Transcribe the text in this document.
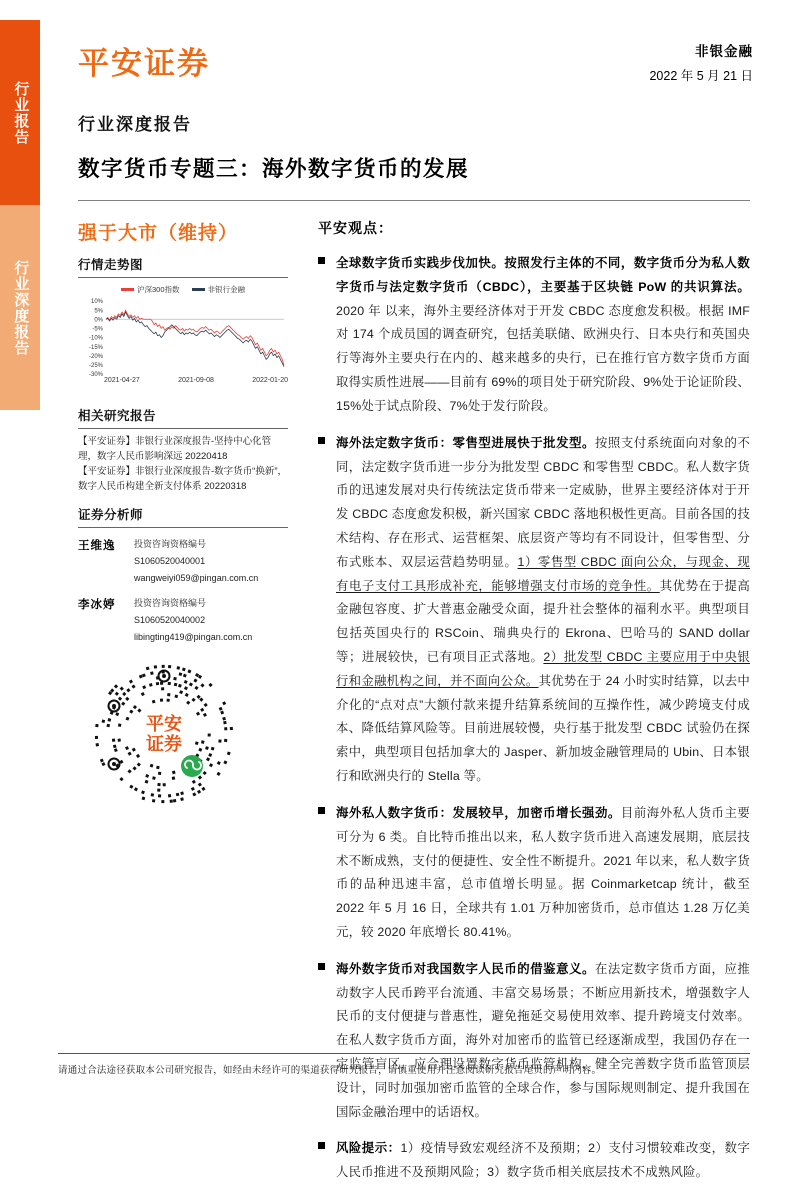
行业报告
行业深度报告
平安证券	非银金融
2022 年 5 月 21 日
行业深度报告
数字货币专题三：海外数字货币的发展
强于大市（维持）
行情走势图
沪深300指数	非银行金融
10%
5%
0%
-5%
-10%
-15%
-20%
-25%
-30%
2021-04-27	2021-09-08	2022-01-20
相关研究报告

【平安证券】非银行业深度报告-坚持中心化管理，数字人民币影响深远 20220418

【平安证券】非银行业深度报告-数字货币“换新”，数字人民币构建全新支付体系 20220318

证券分析师
王维逸	投资咨询资格编号
S1060520040001
wangweiyi059@pingan.com.cn
李冰婷	投资咨询资格编号
S1060520040002
libingting419@pingan.com.cn
平安
证券
平安观点：
全球数字货币实践步伐加快。按照发行主体的不同，数字货币分为私人数字货币与法定数字货币（CBDC），主要基于区块链 PoW 的共识算法。2020 年 以来，海外主要经济体对于开发 CBDC 态度愈发积极。根据 IMF 对 174 个成员国的调查研究，包括美联储、欧洲央行、日本央行和英国央行等海外主要央行在内的、越来越多的央行，已在推行官方数字货币方面取得实质性进展——目前有 69%的项目处于研究阶段、9%处于论证阶段、15%处于试点阶段、7%处于发行阶段。
海外法定数字货币：零售型进展快于批发型。按照支付系统面向对象的不同，法定数字货币进一步分为批发型 CBDC 和零售型 CBDC。私人数字货币的迅速发展对央行传统法定货币带来一定威胁，世界主要经济体对于开发 CBDC 态度愈发积极，新兴国家 CBDC 落地积极性更高。目前各国的技术结构、存在形式、运营框架、底层资产等均有不同设计，但零售型、分布式账本、双层运营趋势明显。1）零售型 CBDC 面向公众，与现金、现有电子支付工具形成补充，能够增强支付市场的竞争性。其优势在于提高金融包容度、扩大普惠金融受众面，提升社会整体的福利水平。典型项目包括英国央行的 RSCoin、瑞典央行的 Ekrona、巴哈马的 SAND dollar 等；进展较快，已有项目正式落地。2）批发型 CBDC 主要应用于中央银行和金融机构之间，并不面向公众。其优势在于 24 小时实时结算，以去中介化的“点对点”大额付款来提升结算系统间的互操作性，减少跨境支付成本、降低结算风险等。目前进展较慢，央行基于批发型 CBDC 试验仍在探索中，典型项目包括加拿大的 Jasper、新加坡金融管理局的 Ubin、日本银行和欧洲央行的 Stella 等。
海外私人数字货币：发展较早，加密币增长强劲。目前海外私人货币主要可分为 6 类。自比特币推出以来，私人数字货币进入高速发展期，底层技术不断成熟，支付的便捷性、安全性不断提升。2021 年以来，私人数字货币的品种迅速丰富，总市值增长明显。据 Coinmarketcap 统计，截至 2022 年 5 月 16 日，全球共有 1.01 万种加密货币，总市值达 1.28 万亿美元，较 2020 年底增长 80.41%。
海外数字货币对我国数字人民币的借鉴意义。在法定数字货币方面，应推动数字人民币跨平台流通、丰富交易场景；不断应用新技术，增强数字人民币的支付便捷与普惠性，避免拖延交易使用效率、提升跨境支付效率。在私人数字货币方面，海外对加密币的监管已经逐渐成型，我国仍存在一定监管盲区，应合理设置数字货币监管机构，健全完善数字货币监管顶层设计，同时加强加密币监管的全球合作，参与国际规则制定、提升我国在国际金融治理中的话语权。
风险提示：1）疫情导致宏观经济不及预期；2）支付习惯较难改变，数字人民币推进不及预期风险；3）数字货币相关底层技术不成熟风险。
请通过合法途径获取本公司研究报告，如经由未经许可的渠道获得研究报告，请慎重使用并注意阅读研究报告尾页的声明内容。
